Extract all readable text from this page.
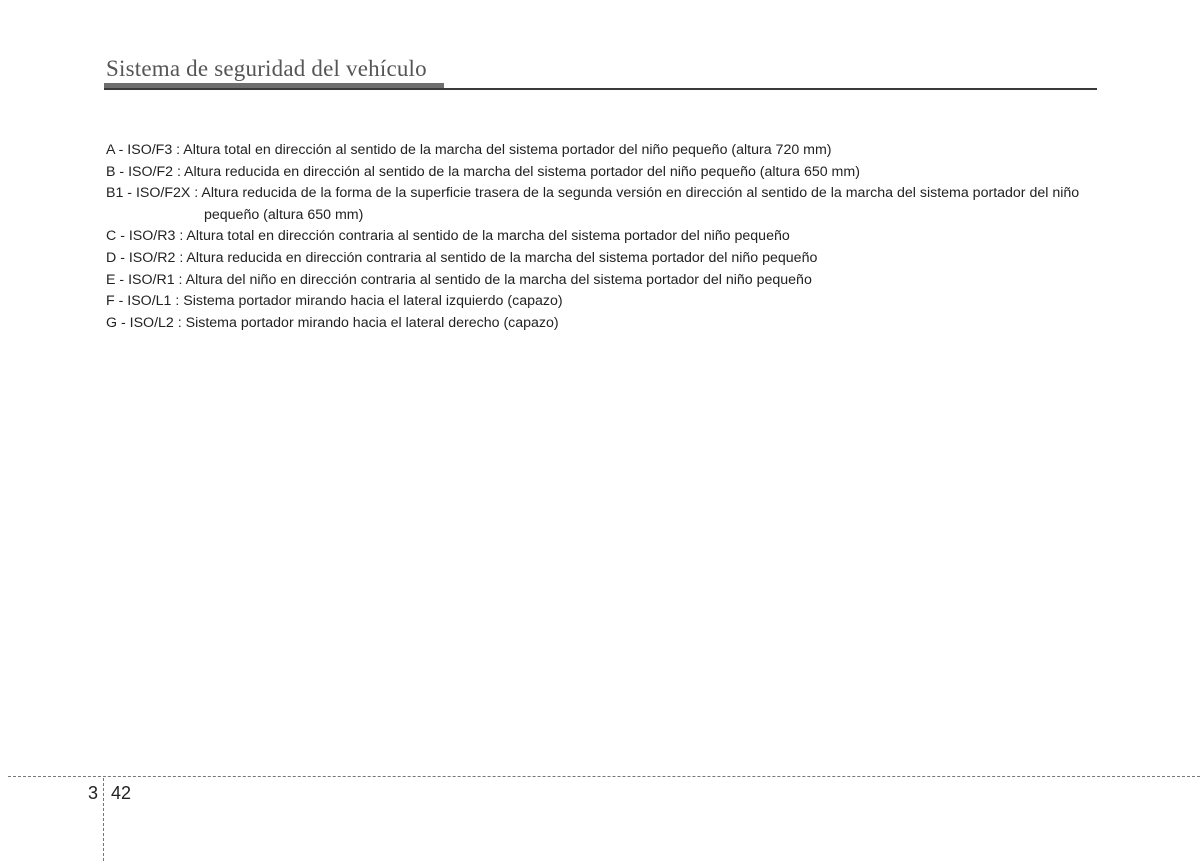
Sistema de seguridad del vehículo
A - ISO/F3 : Altura total en dirección al sentido de la marcha del sistema portador del niño pequeño (altura 720 mm)
B - ISO/F2 : Altura reducida en dirección al sentido de la marcha del sistema portador del niño pequeño (altura 650 mm)
B1 - ISO/F2X : Altura reducida de la forma de la superficie trasera de la segunda versión en dirección al sentido de la marcha del sistema portador del niño pequeño (altura 650 mm)
C - ISO/R3 : Altura total en dirección contraria al sentido de la marcha del sistema portador del niño pequeño
D - ISO/R2 : Altura reducida en dirección contraria al sentido de la marcha del sistema portador del niño pequeño
E - ISO/R1 : Altura del niño en dirección contraria al sentido de la marcha del sistema portador del niño pequeño
F - ISO/L1 : Sistema portador mirando hacia el lateral izquierdo (capazo)
G - ISO/L2 : Sistema portador mirando hacia el lateral derecho (capazo)
3 42
